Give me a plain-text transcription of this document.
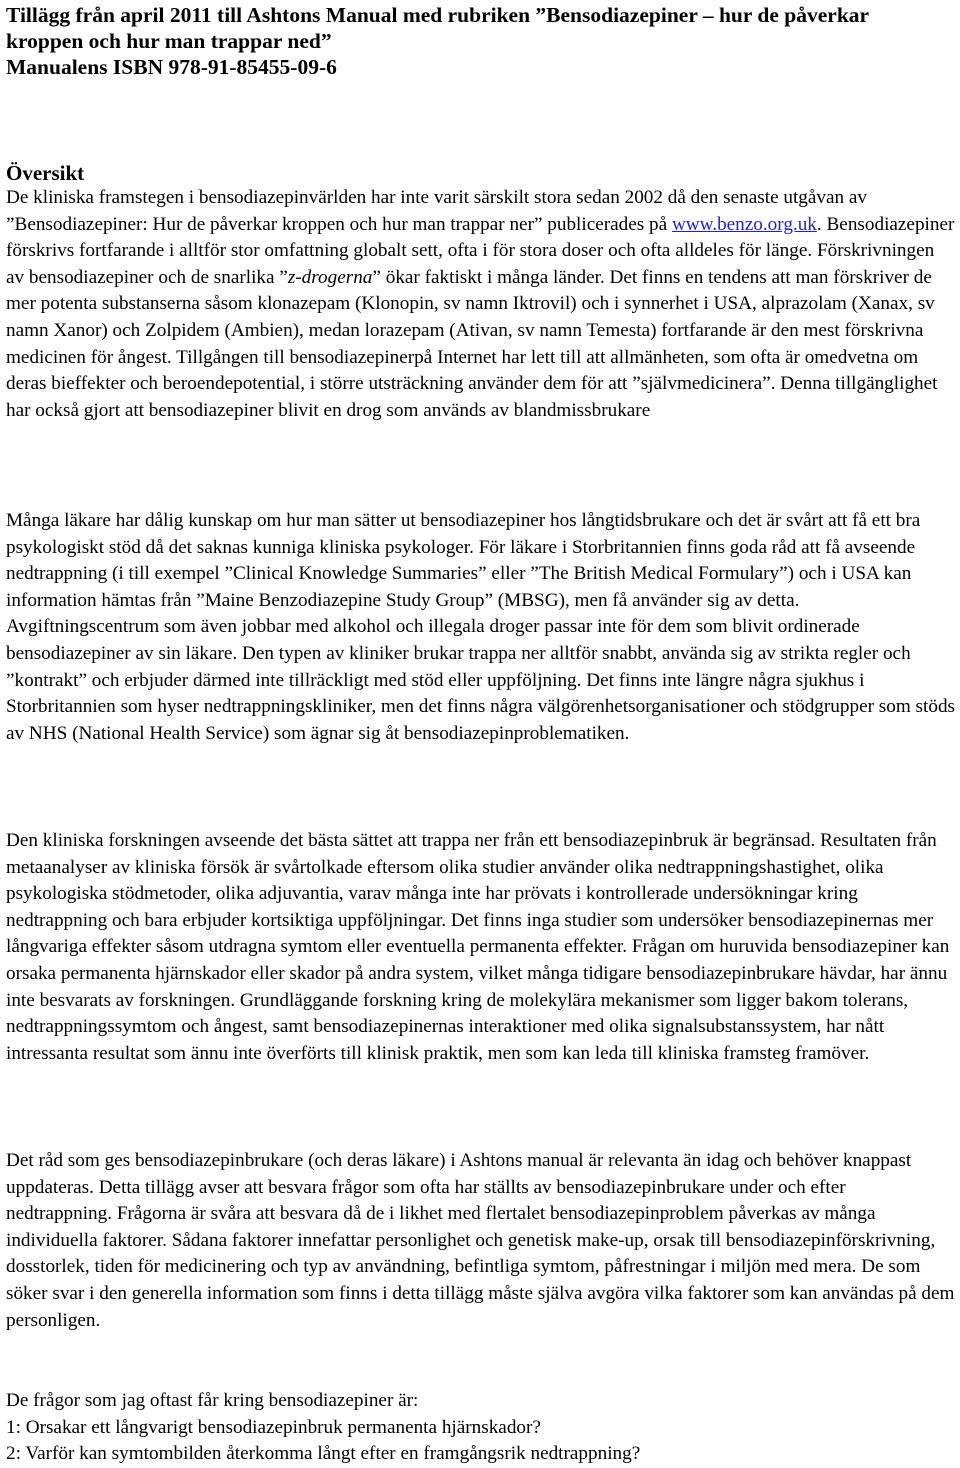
Tillägg från april 2011 till Ashtons Manual med rubriken ”Bensodiazepiner – hur de påverkar
kroppen och hur man trappar ned”
Manualens ISBN 978-91-85455-09-6
Översikt

De kliniska framstegen i bensodiazepinvärlden har inte varit särskilt stora sedan 2002 då den senaste utgåvan av ”Bensodiazepiner: Hur de påverkar kroppen och hur man trappar ner” publicerades på www.benzo.org.uk. Bensodiazepiner förskrivs fortfarande i alltför stor omfattning globalt sett, ofta i för stora doser och ofta alldeles för länge. Förskrivningen av bensodiazepiner och de snarlika ”z-drogerna” ökar faktiskt i många länder. Det finns en tendens att man förskriver de mer potenta substanserna såsom klonazepam (Klonopin, sv namn Iktrovil) och i synnerhet i USA, alprazolam (Xanax, sv namn Xanor) och Zolpidem (Ambien), medan lorazepam (Ativan, sv namn Temesta) fortfarande är den mest förskrivna medicinen för ångest. Tillgången till bensodiazepinerpå Internet har lett till att allmänheten, som ofta är omedvetna om deras bieffekter och beroendepotential, i större utsträckning använder dem för att ”självmedicinera”. Denna tillgänglighet har också gjort att bensodiazepiner blivit en drog som används av blandmissbrukare

Många läkare har dålig kunskap om hur man sätter ut bensodiazepiner hos långtidsbrukare och det är svårt att få ett bra psykologiskt stöd då det saknas kunniga kliniska psykologer. För läkare i Storbritannien finns goda råd att få avseende nedtrappning (i till exempel ”Clinical Knowledge Summaries” eller ”The British Medical Formulary”) och i USA kan information hämtas från ”Maine Benzodiazepine Study Group” (MBSG), men få använder sig av detta. Avgiftningscentrum som även jobbar med alkohol och illegala droger passar inte för dem som blivit ordinerade bensodiazepiner av sin läkare. Den typen av kliniker brukar trappa ner alltför snabbt, använda sig av strikta regler och ”kontrakt” och erbjuder därmed inte tillräckligt med stöd eller uppföljning. Det finns inte längre några sjukhus i Storbritannien som hyser nedtrappningskliniker, men det finns några välgörenhetsorganisationer och stödgrupper som stöds av NHS (National Health Service) som ägnar sig åt bensodiazepinproblematiken.

Den kliniska forskningen avseende det bästa sättet att trappa ner från ett bensodiazepinbruk är begränsad. Resultaten från metaanalyser av kliniska försök är svårtolkade eftersom olika studier använder olika nedtrappningshastighet, olika psykologiska stödmetoder, olika adjuvantia, varav många inte har prövats i kontrollerade undersökningar kring nedtrappning och bara erbjuder kortsiktiga uppföljningar. Det finns inga studier som undersöker bensodiazepinernas mer långvariga effekter såsom utdragna symtom eller eventuella permanenta effekter. Frågan om huruvida bensodiazepiner kan orsaka permanenta hjärnskador eller skador på andra system, vilket många tidigare bensodiazepinbrukare hävdar, har ännu inte besvarats av forskningen. Grundläggande forskning kring de molekylära mekanismer som ligger bakom tolerans, nedtrappningssymtom och ångest, samt bensodiazepinernas interaktioner med olika signalsubstanssystem, har nått intressanta resultat som ännu inte överförts till klinisk praktik, men som kan leda till kliniska framsteg framöver.

Det råd som ges bensodiazepinbrukare (och deras läkare) i Ashtons manual är relevanta än idag och behöver knappast uppdateras. Detta tillägg avser att besvara frågor som ofta har ställts av bensodiazepinbrukare under och efter nedtrappning. Frågorna är svåra att besvara då de i likhet med flertalet bensodiazepinproblem påverkas av många individuella faktorer. Sådana faktorer innefattar personlighet och genetisk make-up, orsak till bensodiazepinförskrivning, dosstorlek, tiden för medicinering och typ av användning, befintliga symtom, påfrestningar i miljön med mera. De som söker svar i den generella information som finns i detta tillägg måste själva avgöra vilka faktorer som kan användas på dem personligen.

De frågor som jag oftast får kring bensodiazepiner är:
1: Orsakar ett långvarigt bensodiazepinbruk permanenta hjärnskador?
2: Varför kan symtombilden återkomma långt efter en framgångsrik nedtrappning?
